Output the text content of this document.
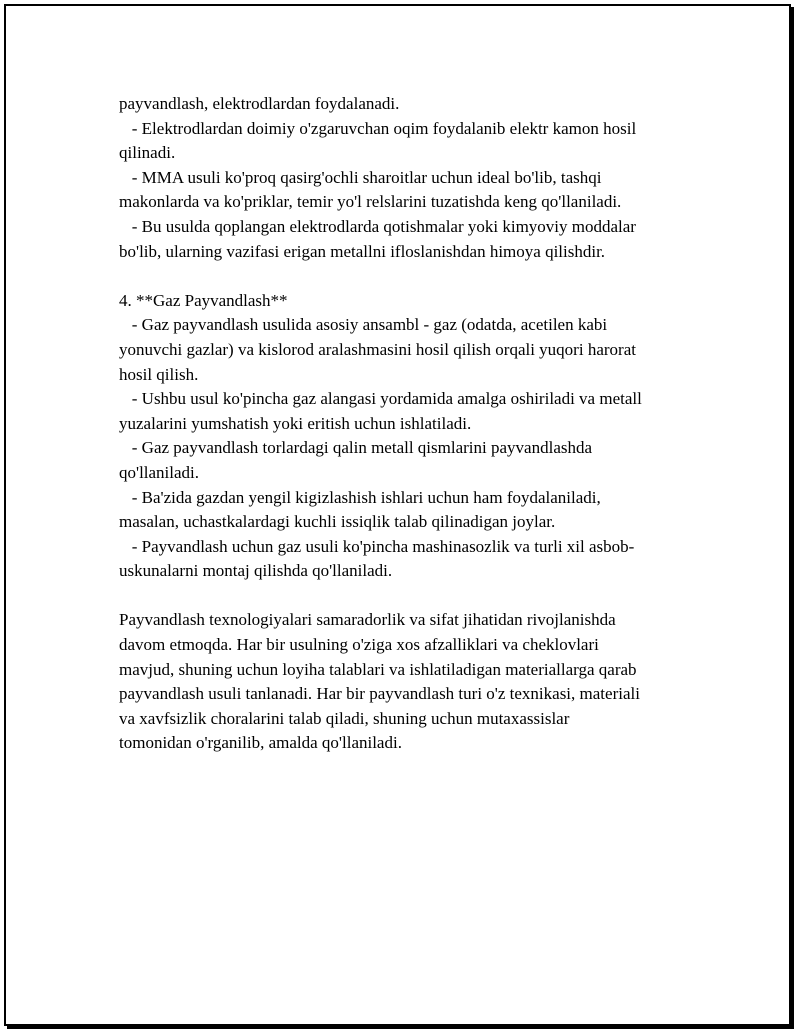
payvandlash, elektrodlardan foydalanadi.
- Elektrodlardan doimiy o'zgaruvchan oqim foydalanib elektr kamon hosil
qilinadi.
- MMA usuli ko'proq qasirg'ochli sharoitlar uchun ideal bo'lib, tashqi
makonlarda va ko'priklar, temir yo'l relslarini tuzatishda keng qo'llaniladi.
- Bu usulda qoplangan elektrodlarda qotishmalar yoki kimyoviy moddalar
bo'lib, ularning vazifasi erigan metallni ifloslanishdan himoya qilishdir.
4. **Gaz Payvandlash**
- Gaz payvandlash usulida asosiy ansambl - gaz (odatda, acetilen kabi
yonuvchi gazlar) va kislorod aralashmasini hosil qilish orqali yuqori harorat
hosil qilish.
- Ushbu usul ko'pincha gaz alangasi yordamida amalga oshiriladi va metall
yuzalarini yumshatish yoki eritish uchun ishlatiladi.
- Gaz payvandlash torlardagi qalin metall qismlarini payvandlashda
qo'llaniladi.
- Ba'zida gazdan yengil kigizlashish ishlari uchun ham foydalaniladi,
masalan, uchastkalardagi kuchli issiqlik talab qilinadigan joylar.
- Payvandlash uchun gaz usuli ko'pincha mashinasozlik va turli xil asbob-
uskunalarni montaj qilishda qo'llaniladi.
Payvandlash texnologiyalari samaradorlik va sifat jihatidan rivojlanishda
davom etmoqda. Har bir usulning o'ziga xos afzalliklari va cheklovlari
mavjud, shuning uchun loyiha talablari va ishlatiladigan materiallarga qarab
payvandlash usuli tanlanadi. Har bir payvandlash turi o'z texnikasi, materiali
va xavfsizlik choralarini talab qiladi, shuning uchun mutaxassislar
tomonidan o'rganilib, amalda qo'llaniladi.
